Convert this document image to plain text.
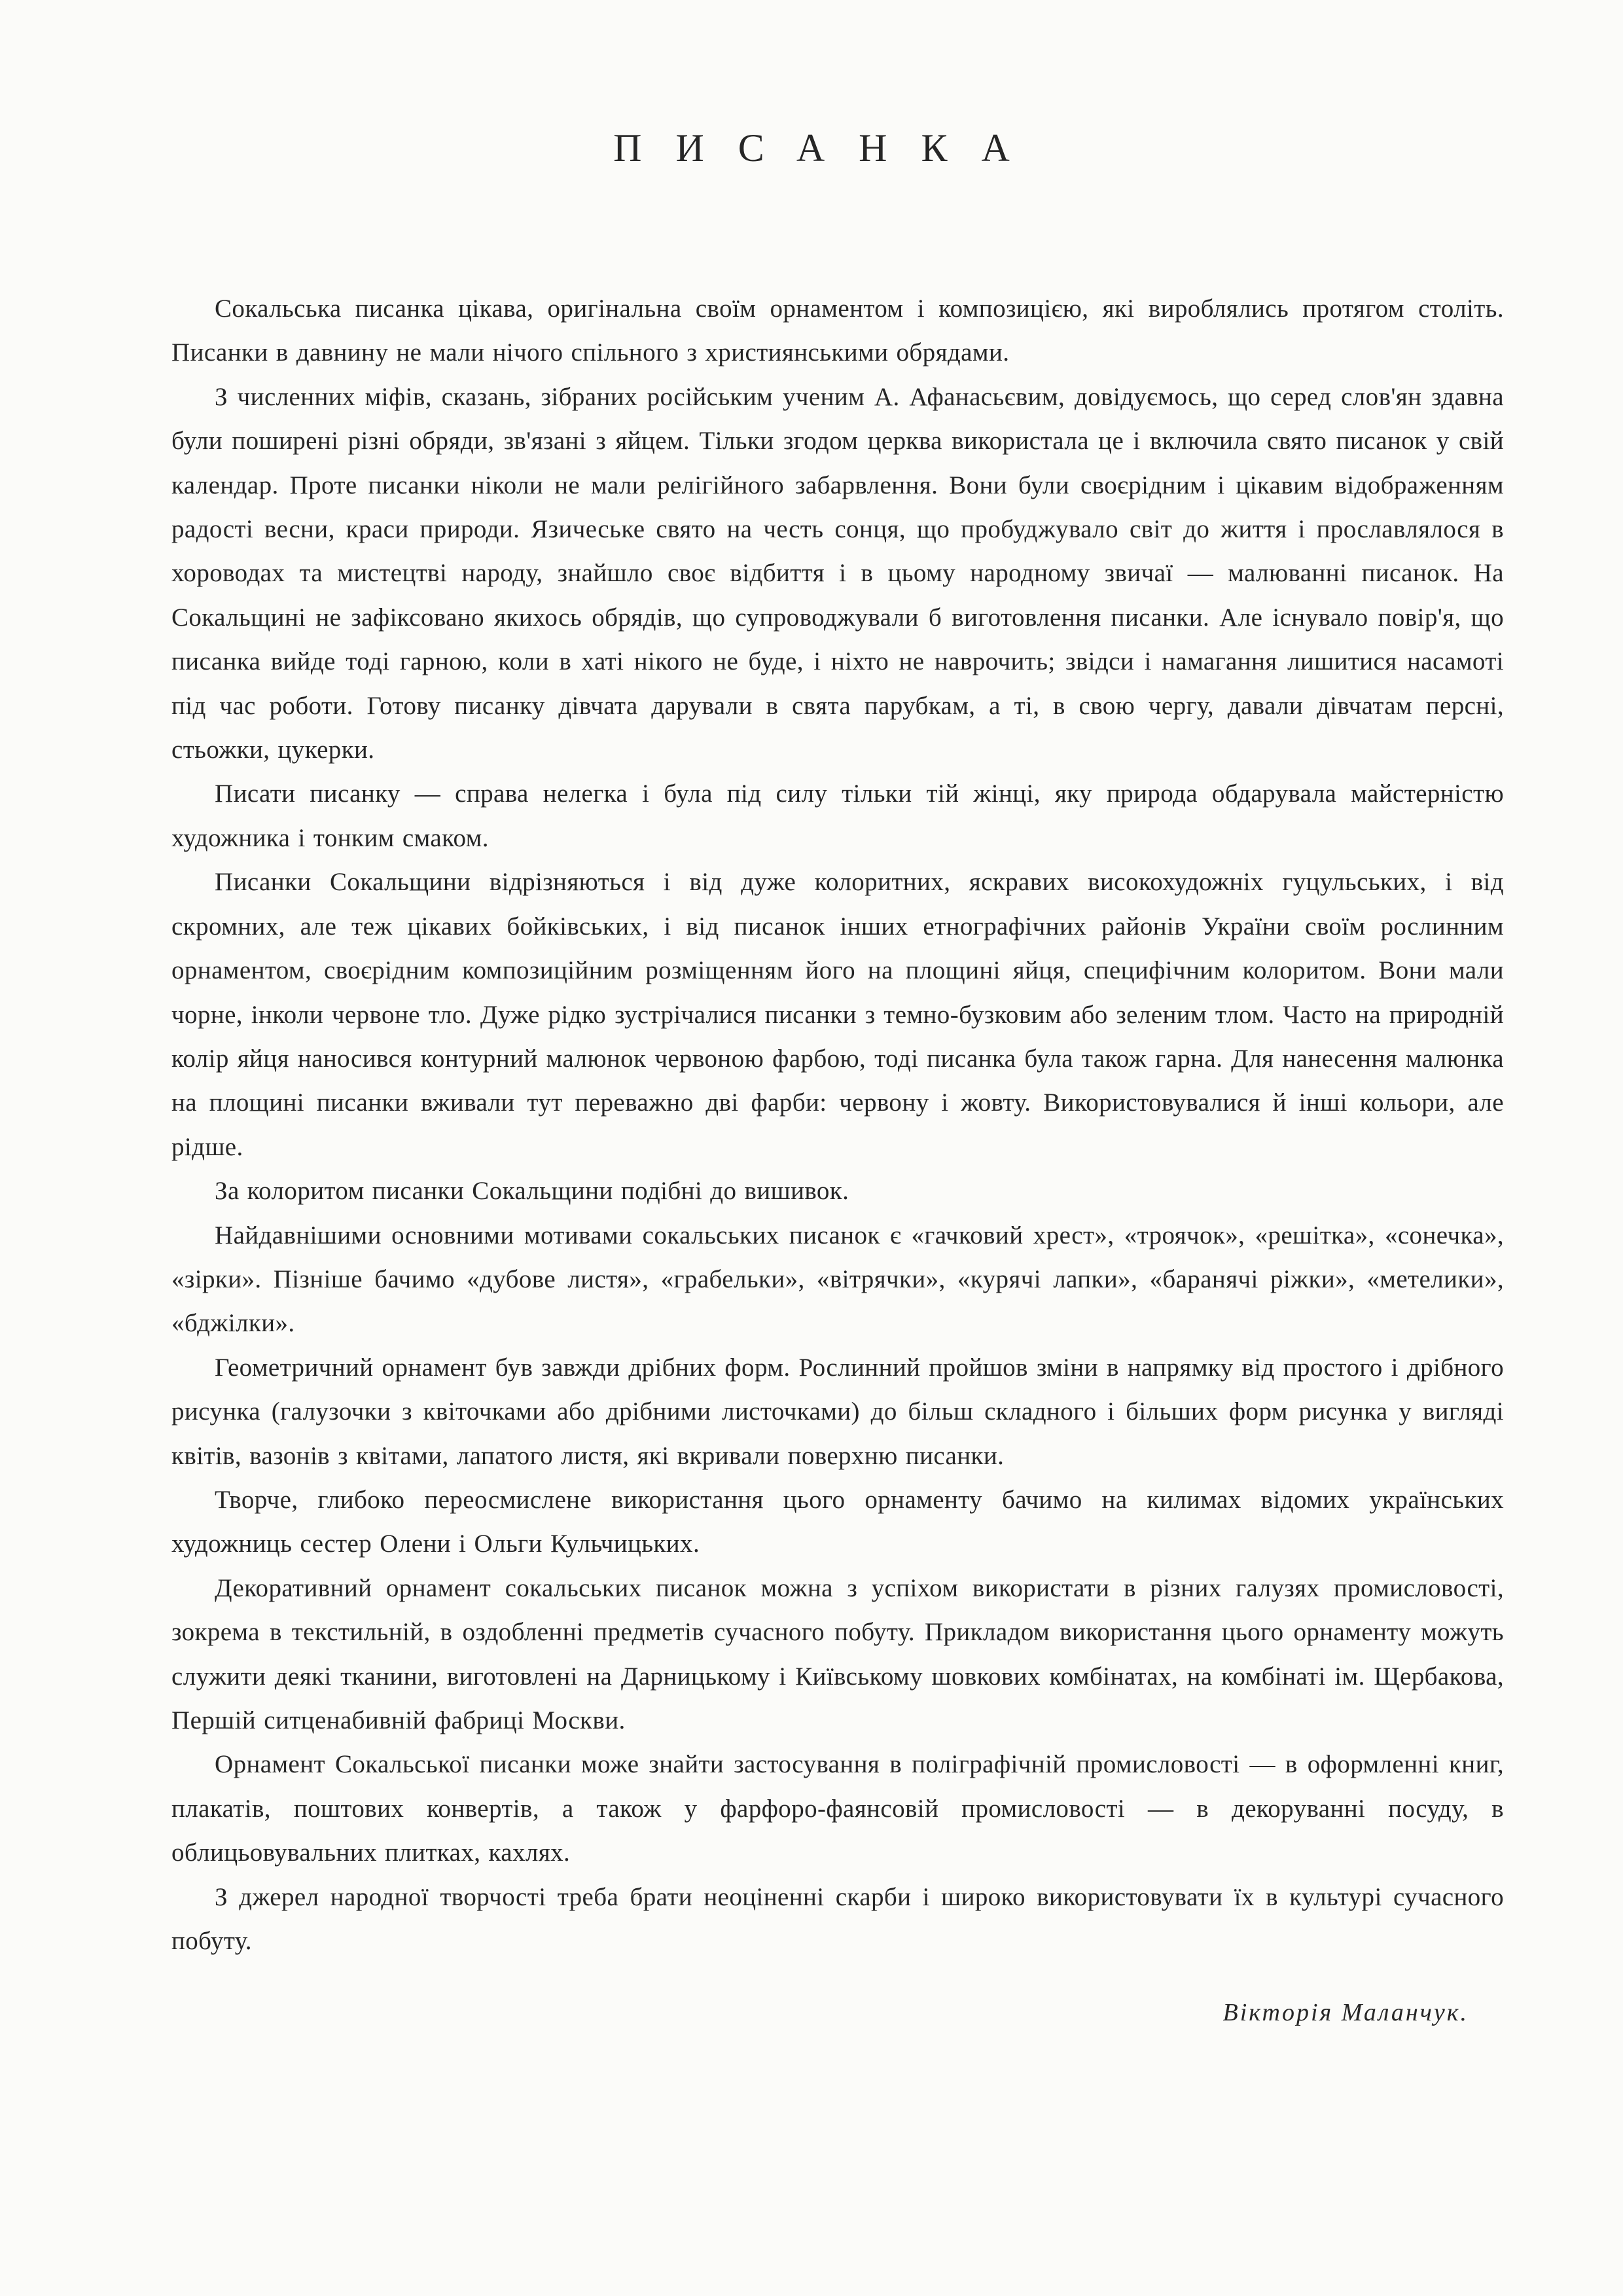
ПИСАНКА

Сокальська писанка цікава, оригінальна своїм орнаментом і композицією, які вироблялись протягом століть. Писанки в давнину не мали нічого спільного з християнськими обрядами.

З численних міфів, сказань, зібраних російським ученим А. Афанасьєвим, довідуємось, що серед слов'ян здавна були поширені різні обряди, зв'язані з яйцем. Тільки згодом церква використала це і включила свято писанок у свій календар. Проте писанки ніколи не мали релігійного забарвлення. Вони були своєрідним і цікавим відображенням радості весни, краси природи. Язичеське свято на честь сонця, що пробуджувало світ до життя і прославлялося в хороводах та мистецтві народу, знайшло своє відбиття і в цьому народному звичаї — малюванні писанок. На Сокальщині не зафіксовано якихось обрядів, що супроводжували б виготовлення писанки. Але існувало повір'я, що писанка вийде тоді гарною, коли в хаті нікого не буде, і ніхто не наврочить; звідси і намагання лишитися насамоті під час роботи. Готову писанку дівчата дарували в свята парубкам, а ті, в свою чергу, давали дівчатам персні, стьожки, цукерки.

Писати писанку — справа нелегка і була під силу тільки тій жінці, яку природа обдарувала майстерністю художника і тонким смаком.

Писанки Сокальщини відрізняються і від дуже колоритних, яскравих високохудожніх гуцульських, і від скромних, але теж цікавих бойківських, і від писанок інших етнографічних районів України своїм рослинним орнаментом, своєрідним композиційним розміщенням його на площині яйця, специфічним колоритом. Вони мали чорне, інколи червоне тло. Дуже рідко зустрічалися писанки з темно-бузковим або зеленим тлом. Часто на природній колір яйця наносився контурний малюнок червоною фарбою, тоді писанка була також гарна. Для нанесення малюнка на площині писанки вживали тут переважно дві фарби: червону і жовту. Використовувалися й інші кольори, але рідше.

За колоритом писанки Сокальщини подібні до вишивок.

Найдавнішими основними мотивами сокальських писанок є «гачковий хрест», «троячок», «решітка», «сонечка», «зірки». Пізніше бачимо «дубове листя», «грабельки», «вітрячки», «курячі лапки», «баранячі ріжки», «метелики», «бджілки».

Геометричний орнамент був завжди дрібних форм. Рослинний пройшов зміни в напрямку від простого і дрібного рисунка (галузочки з квіточками або дрібними листочками) до більш складного і більших форм рисунка у вигляді квітів, вазонів з квітами, лапатого листя, які вкривали поверхню писанки.

Творче, глибоко переосмислене використання цього орнаменту бачимо на килимах відомих українських художниць сестер Олени і Ольги Кульчицьких.

Декоративний орнамент сокальських писанок можна з успіхом використати в різних галузях промисловості, зокрема в текстильній, в оздобленні предметів сучасного побуту. Прикладом використання цього орнаменту можуть служити деякі тканини, виготовлені на Дарницькому і Київському шовкових комбінатах, на комбінаті ім. Щербакова, Першій ситценабивній фабриці Москви.

Орнамент Сокальської писанки може знайти застосування в поліграфічній промисловості — в оформленні книг, плакатів, поштових конвертів, а також у фарфоро-фаянсовій промисловості — в декоруванні посуду, в облицьовувальних плитках, кахлях.

З джерел народної творчості треба брати неоціненні скарби і широко використовувати їх в культурі сучасного побуту.

Вікторія Маланчук.
